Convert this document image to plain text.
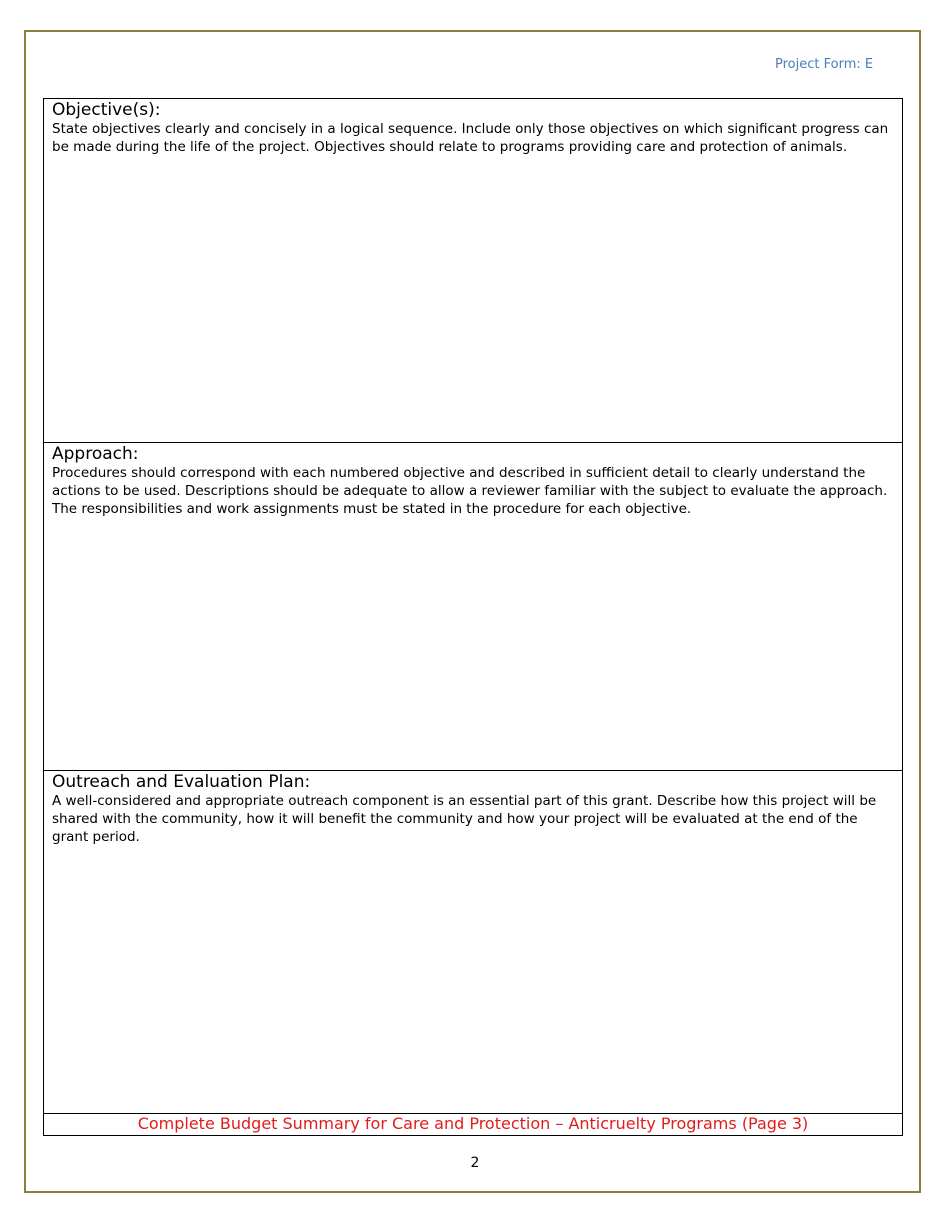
Project Form: E
Objective(s):
State objectives clearly and concisely in a logical sequence. Include only those objectives on which significant progress can be made during the life of the project. Objectives should relate to programs providing care and protection of animals.
Approach:
Procedures should correspond with each numbered objective and described in sufficient detail to clearly understand the actions to be used. Descriptions should be adequate to allow a reviewer familiar with the subject to evaluate the approach. The responsibilities and work assignments must be stated in the procedure for each objective.
Outreach and Evaluation Plan:
A well-considered and appropriate outreach component is an essential part of this grant. Describe how this project will be shared with the community, how it will benefit the community and how your project will be evaluated at the end of the grant period.
Complete Budget Summary for Care and Protection – Anticruelty Programs (Page 3)
2
